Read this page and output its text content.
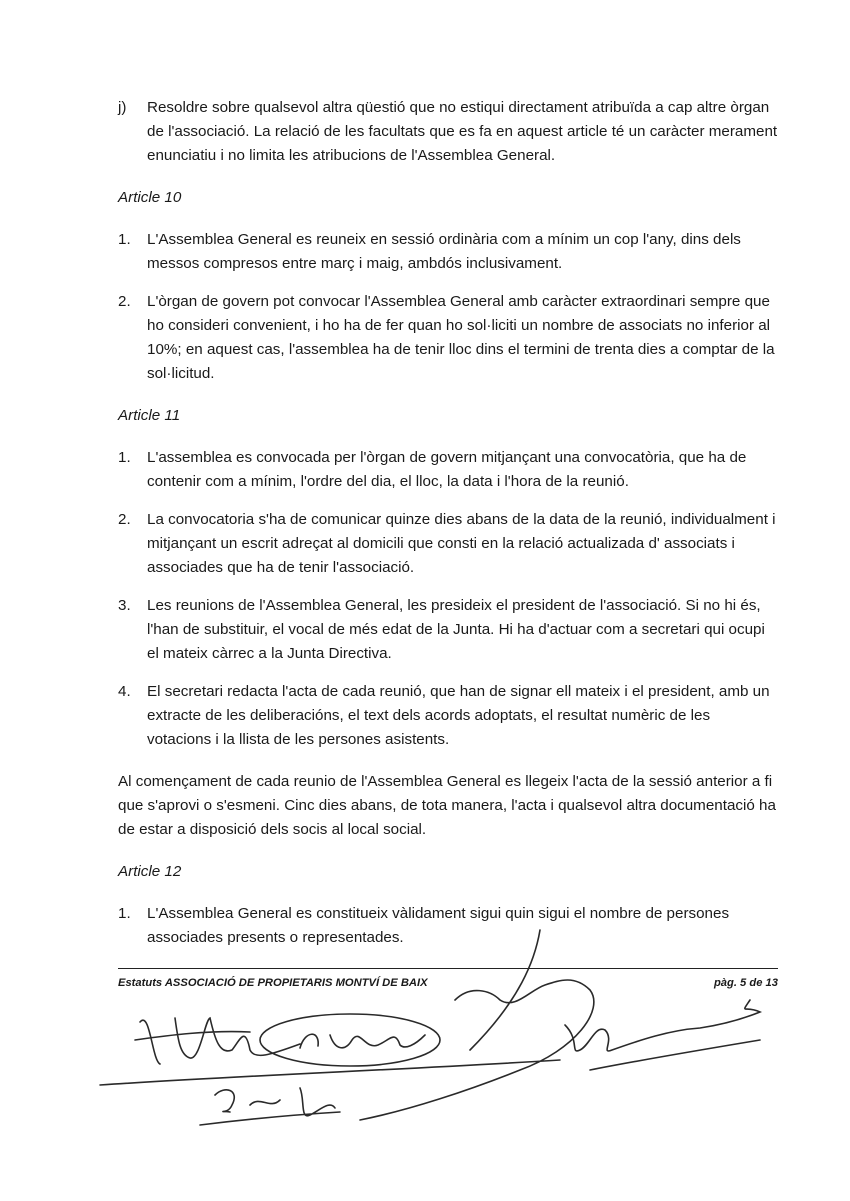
j)	Resoldre sobre qualsevol altra qüestió que no estiqui directament atribuïda a cap altre òrgan de l'associació. La relació de les facultats que es fa en aquest article té un caràcter merament enunciatiu i no limita les atribucions de l'Assemblea General.

Article 10

1.	L'Assemblea General es reuneix en sessió ordinària com a mínim un cop l'any, dins dels messos compresos entre març i maig, ambdós inclusivament.
2.	L'òrgan de govern pot convocar l'Assemblea General amb caràcter extraordinari sempre que ho consideri convenient, i ho ha de fer quan ho sol·liciti un nombre de associats no inferior al 10%; en aquest cas, l'assemblea ha de tenir lloc dins el termini de trenta dies a comptar de la sol·licitud.

Article 11

1.	L'assemblea es convocada per l'òrgan de govern mitjançant una convocatòria, que ha de contenir com a mínim, l'ordre del dia, el lloc, la data i l'hora de la reunió.
2.	La convocatoria s'ha de comunicar quinze dies abans de la data de la reunió, individualment i mitjançant un escrit adreçat al domicili que consti en la relació actualizada d' associats i associades que ha de tenir l'associació.
3.	Les reunions de l'Assemblea General, les presideix el president de l'associació. Si no hi és, l'han de substituir, el vocal de més edat de la Junta. Hi ha d'actuar com a secretari qui ocupi el mateix càrrec a la Junta Directiva.
4.	El secretari redacta l'acta de cada reunió, que han de signar ell mateix i el president, amb un extracte de les deliberacións, el text dels acords adoptats, el resultat numèric de les votacions i la llista de les persones asistents.

Al començament de cada reunio de l'Assemblea General es llegeix l'acta de la sessió anterior a fi que s'aprovi o s'esmeni. Cinc dies abans, de tota manera, l'acta i qualsevol altra documentació ha de estar a disposició dels socis al local social.

Article 12

1.	L'Assemblea General es constitueix vàlidament sigui quin sigui el nombre de persones associades presents o representades.
Estatuts ASSOCIACIÓ DE PROPIETARIS MONTVÍ DE BAIX	pàg. 5 de 13
